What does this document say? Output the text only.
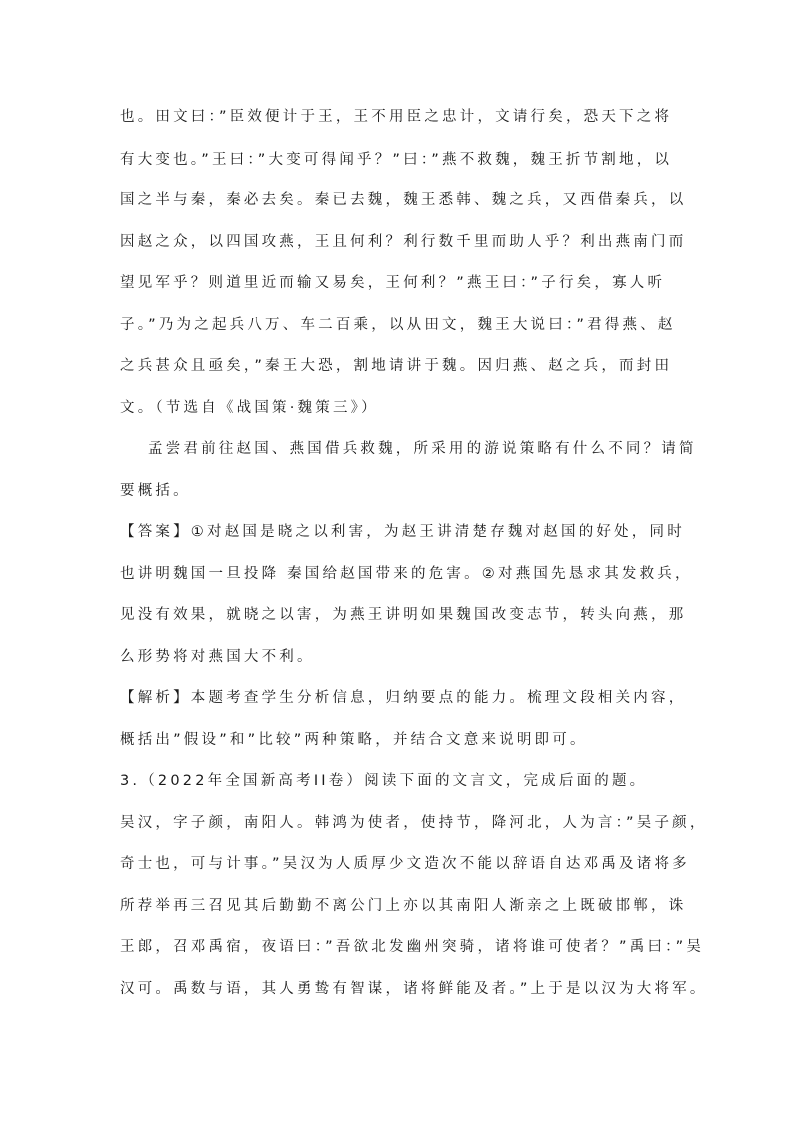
也。田文曰：”臣效便计于王，王不用臣之忠计，文请行矣，恐天下之将
有大变也。”王曰：”大变可得闻乎？”曰：”燕不救魏，魏王折节割地，以
国之半与秦，秦必去矣。秦已去魏，魏王悉韩、魏之兵，又西借秦兵，以
因赵之众，以四国攻燕，王且何利？利行数千里而助人乎？利出燕南门而
望见军乎？则道里近而输又易矣，王何利？”燕王曰：”子行矣，寡人听
子。”乃为之起兵八万、车二百乘，以从田文，魏王大说曰：”君得燕、赵
之兵甚众且亟矣，”秦王大恐，割地请讲于魏。因归燕、赵之兵，而封田
文。（节选自《战国策·魏策三》）
孟尝君前往赵国、燕国借兵救魏，所采用的游说策略有什么不同？请简
要概括。
【答案】①对赵国是晓之以利害，为赵王讲清楚存魏对赵国的好处，同时
也讲明魏国一旦投降 秦国给赵国带来的危害。②对燕国先恳求其发救兵，
见没有效果，就晓之以害，为燕王讲明如果魏国改变志节，转头向燕，那
么形势将对燕国大不利。
【解析】本题考查学生分析信息，归纳要点的能力。梳理文段相关内容，
概括出”假设”和”比较”两种策略，并结合文意来说明即可。
3.（2022年全国新高考II卷）阅读下面的文言文，完成后面的题。
吴汉，字子颜，南阳人。韩鸿为使者，使持节，降河北，人为言：”吴子颜，
奇士也，可与计事。”吴汉为人质厚少文造次不能以辞语自达邓禹及诸将多
所荐举再三召见其后勤勤不离公门上亦以其南阳人渐亲之上既破邯郸，诛
王郎，召邓禹宿，夜语曰：”吾欲北发幽州突骑，诸将谁可使者？”禹曰：”吴
汉可。禹数与语，其人勇鸷有智谋，诸将鲜能及者。”上于是以汉为大将军。
